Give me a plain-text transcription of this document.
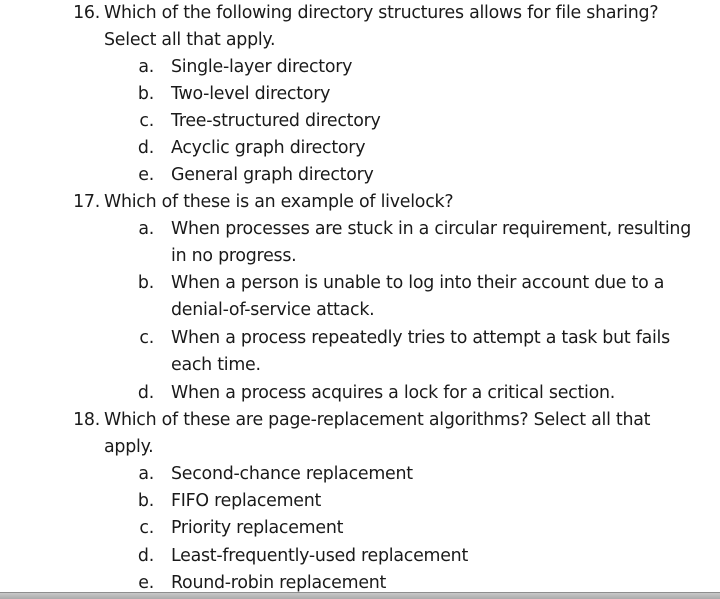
16. Which of the following directory structures allows for file sharing?
Select all that apply.
a. Single-layer directory
b. Two-level directory
c. Tree-structured directory
d. Acyclic graph directory
e. General graph directory
17. Which of these is an example of livelock?
a. When processes are stuck in a circular requirement, resulting
in no progress.
b. When a person is unable to log into their account due to a
denial-of-service attack.
c. When a process repeatedly tries to attempt a task but fails
each time.
d. When a process acquires a lock for a critical section.
18. Which of these are page-replacement algorithms? Select all that
apply.
a. Second-chance replacement
b. FIFO replacement
c. Priority replacement
d. Least-frequently-used replacement
e. Round-robin replacement
